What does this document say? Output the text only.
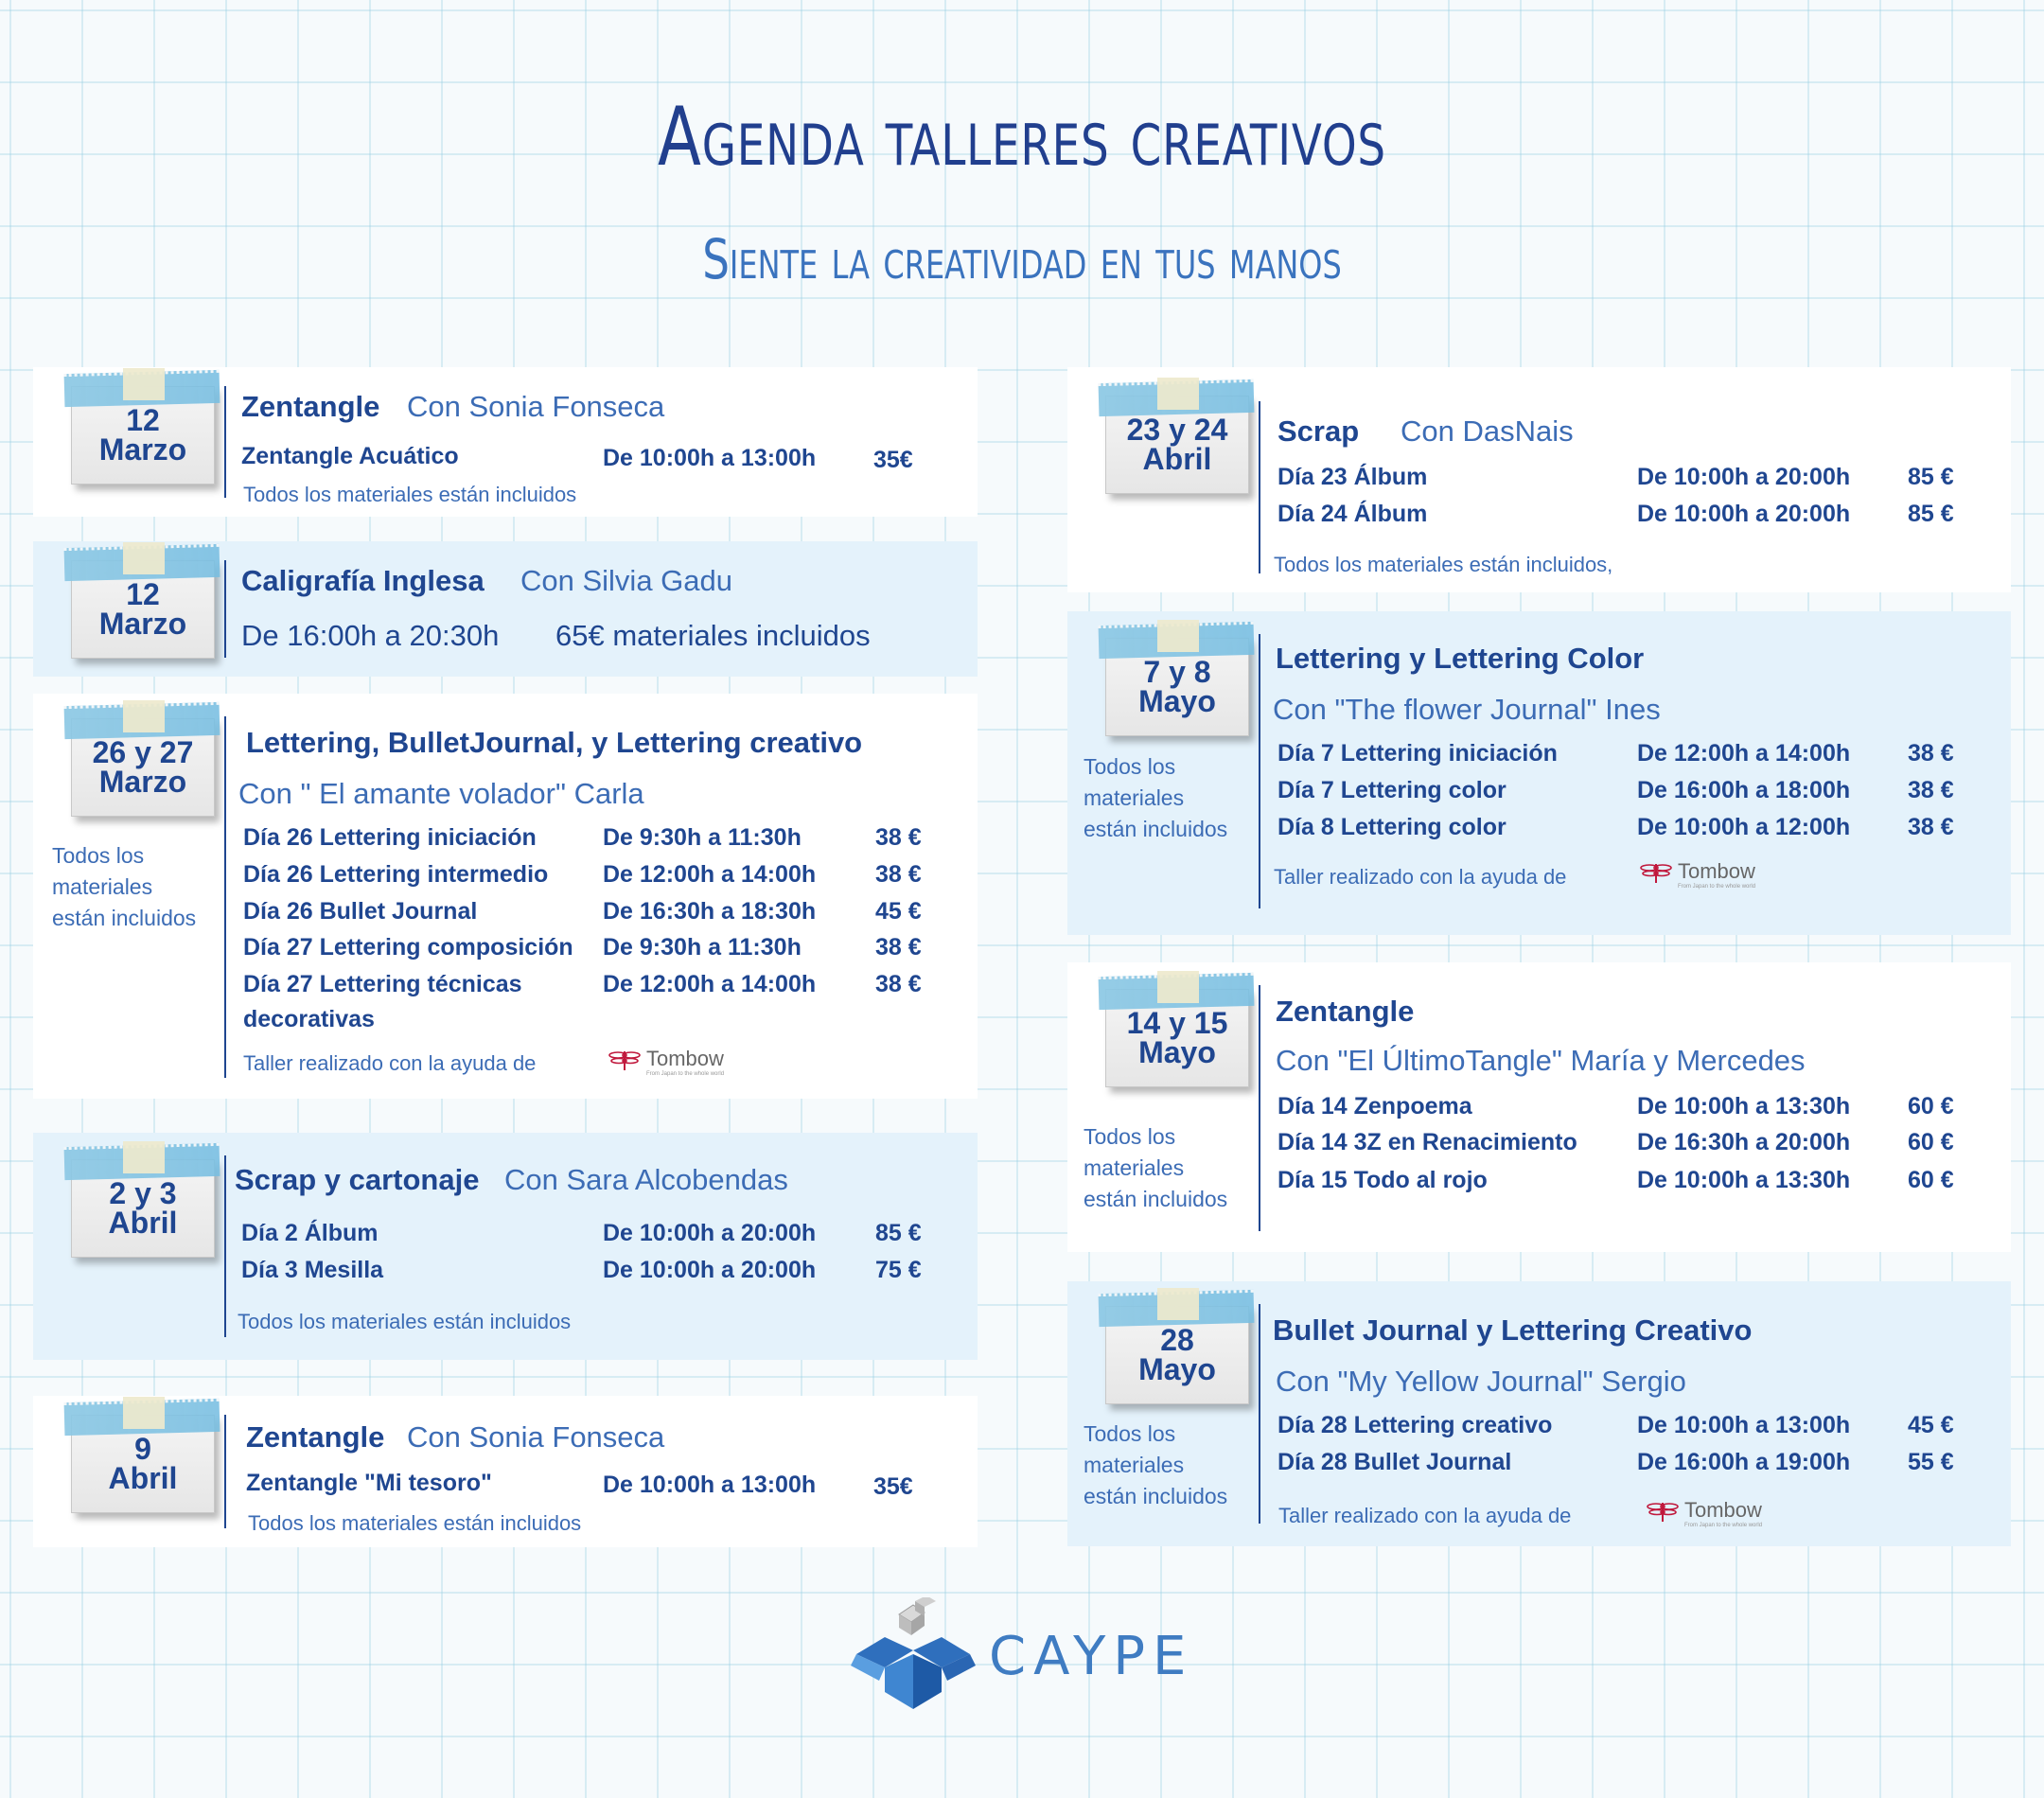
Agenda talleres creativos
Siente la creatividad en tus manos
12
Marzo
Zentangle Con Sonia Fonseca
Zentangle Acuático	De 10:00h a 13:00h 35€
Todos los materiales están incluidos
12
Marzo
Caligrafía Inglesa Con Silvia Gadu
De 16:00h a 20:30h 65€ materiales incluidos
26 y 27
Marzo
Todos los
materiales
están incluidos
Lettering, BulletJournal, y Lettering creativo
Con " El amante volador" Carla
Día 26 Lettering iniciación	De 9:30h a 11:30h	38 €
Día 26 Lettering intermedio De 12:00h a 14:00h	38 €
Día 26 Bullet Journal	De 16:30h a 18:30h	45 €
Día 27 Lettering composición De 9:30h a 11:30h	38 €
Día 27 Lettering técnicas
decorativas
De 12:00h a 14:00h	38 €
Taller realizado con la ayuda de	Tombow
From Japan to the whole world
2 y 3
Abril
Scrap y cartonaje Con Sara Alcobendas
Día 2 Álbum	De 10:00h a 20:00h	85 €
Día 3 Mesilla	De 10:00h a 20:00h	75 €
Todos los materiales están incluidos
9
Abril
Zentangle Con Sonia Fonseca
Zentangle "Mi tesoro"	De 10:00h a 13:00h 35€
Todos los materiales están incluidos
23 y 24
Abril
Scrap Con DasNais
Día 23 Álbum	De 10:00h a 20:00h 85 €
Día 24 Álbum	De 10:00h a 20:00h 85 €
Todos los materiales están incluidos,
7 y 8
Mayo
Todos los
materiales
están incluidos
Lettering y Lettering Color
Con "The flower Journal" Ines
Día 7 Lettering iniciación	De 12:00h a 14:00h 38 €
Día 7 Lettering color	De 16:00h a 18:00h 38 €
Día 8 Lettering color	De 10:00h a 12:00h 38 €
Taller realizado con la ayuda de	Tombow
From Japan to the whole world
14 y 15
Mayo
Todos los
materiales
están incluidos
Zentangle
Con "El ÚltimoTangle" María y Mercedes
Día 14 Zenpoema	De 10:00h a 13:30h 60 €
Día 14 3Z en Renacimiento	De 16:30h a 20:00h 60 €
Día 15 Todo al rojo	De 10:00h a 13:30h 60 €
28
Mayo
Todos los
materiales
están incluidos
Bullet Journal y Lettering Creativo
Con "My Yellow Journal" Sergio
Día 28 Lettering creativo	De 10:00h a 13:00h 45 €
Día 28 Bullet Journal	De 16:00h a 19:00h 55 €
Taller realizado con la ayuda de	Tombow
From Japan to the whole world
CAYPE
